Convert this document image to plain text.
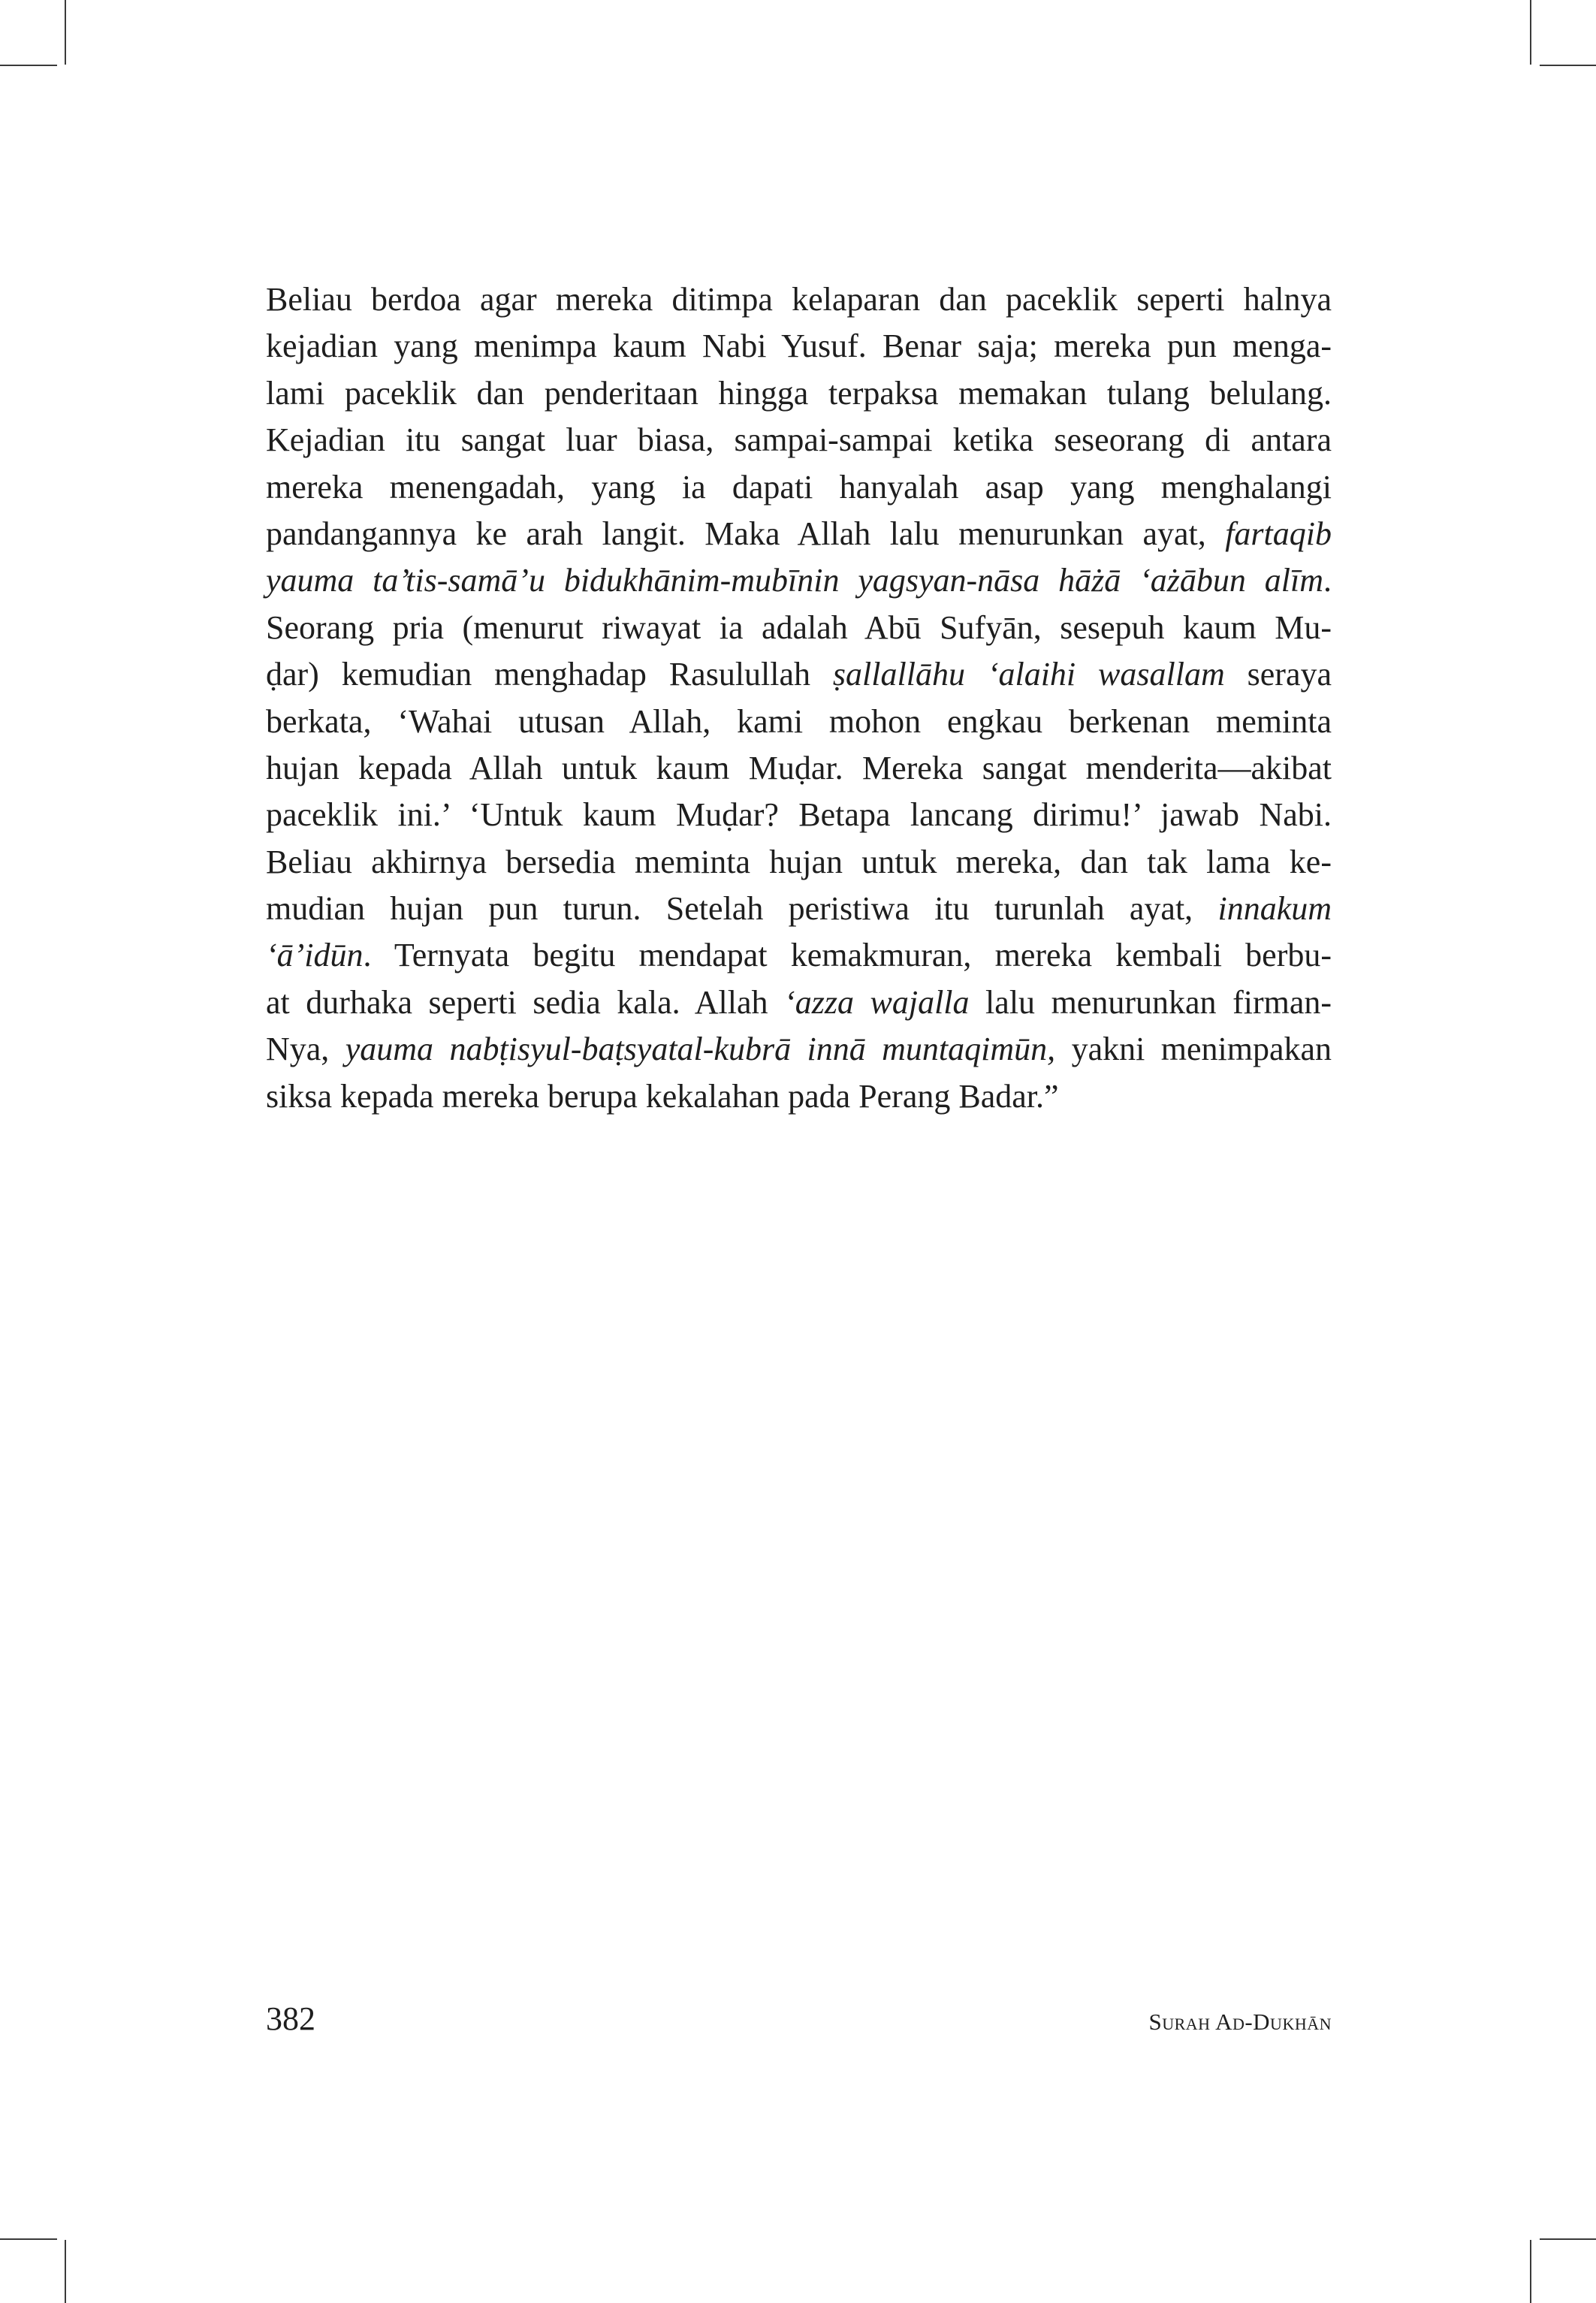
Beliau berdoa agar mereka ditimpa kelaparan dan paceklik seperti halnya
kejadian yang menimpa kaum Nabi Yusuf. Benar saja; mereka pun menga-
lami paceklik dan penderitaan hingga terpaksa memakan tulang belulang.
Kejadian itu sangat luar biasa, sampai-sampai ketika seseorang di antara
mereka menengadah, yang ia dapati hanyalah asap yang menghalangi
pandangannya ke arah langit. Maka Allah lalu menurunkan ayat, fartaqib
yauma ta’tis-samā’u bidukhānim-mubīnin yagsyan-nāsa hāżā ‘ażābun alīm.
Seorang pria (menurut riwayat ia adalah Abū Sufyān, sesepuh kaum Mu-
ḍar) kemudian menghadap Rasulullah ṣallallāhu ‘alaihi wasallam seraya
berkata, ‘Wahai utusan Allah, kami mohon engkau berkenan meminta
hujan kepada Allah untuk kaum Muḍar. Mereka sangat menderita—akibat
paceklik ini.’ ‘Untuk kaum Muḍar? Betapa lancang dirimu!’ jawab Nabi.
Beliau akhirnya bersedia meminta hujan untuk mereka, dan tak lama ke-
mudian hujan pun turun. Setelah peristiwa itu turunlah ayat, innakum
‘ā’idūn. Ternyata begitu mendapat kemakmuran, mereka kembali berbu-
at durhaka seperti sedia kala. Allah ‘azza wajalla lalu menurunkan firman-
Nya, yauma nabṭisyul-baṭsyatal-kubrā innā muntaqimūn, yakni menimpakan
siksa kepada mereka berupa kekalahan pada Perang Badar.”
382	Surah Ad-Dukhān
